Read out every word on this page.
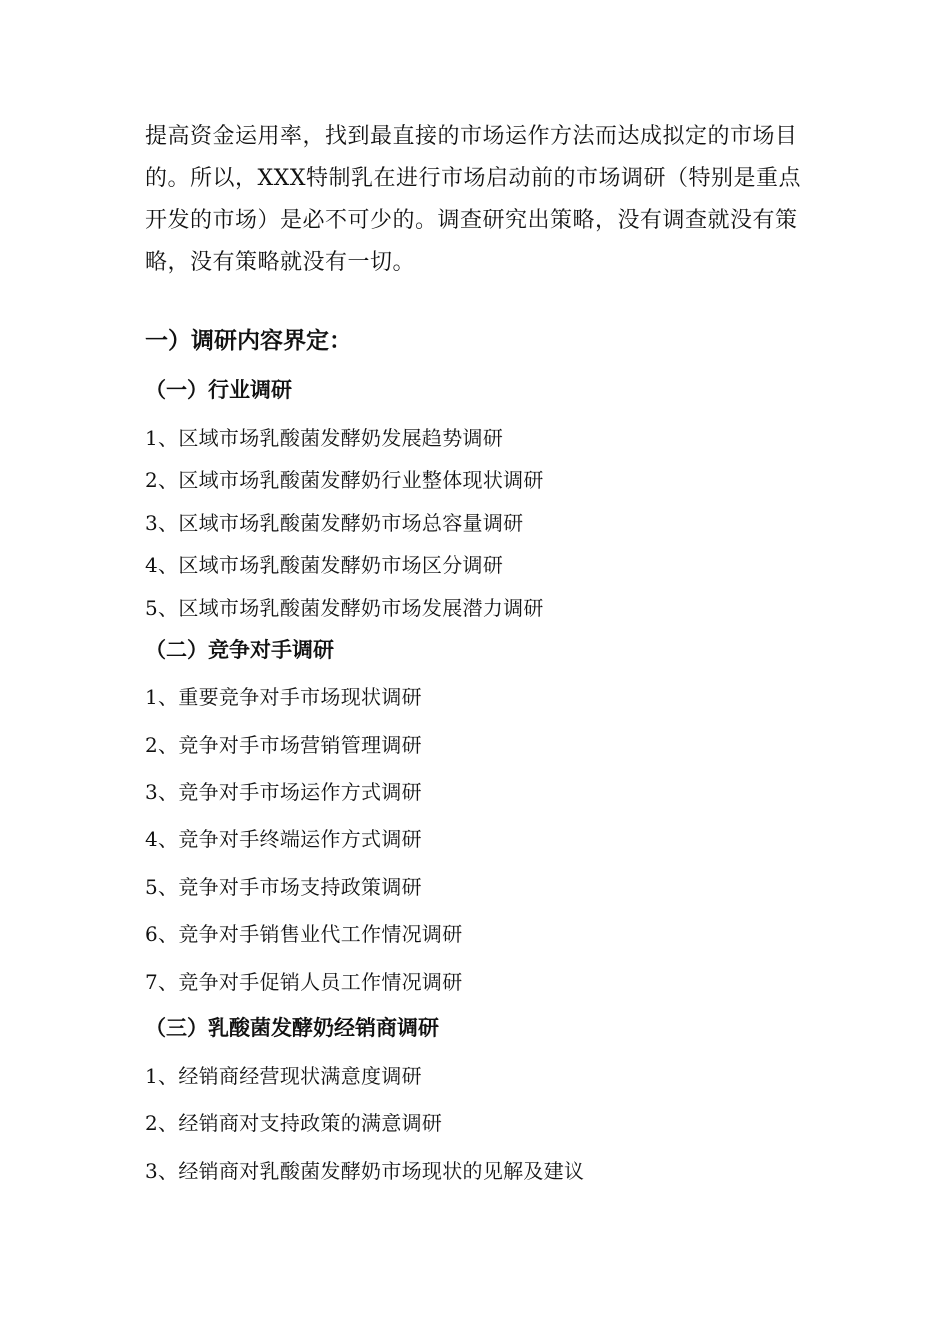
提高资金运用率，找到最直接的市场运作方法而达成拟定的市场目
的。所以，XXX特制乳在进行市场启动前的市场调研（特别是重点
开发的市场）是必不可少的。调查研究出策略，没有调查就没有策
略，没有策略就没有一切。

一）调研内容界定：
（一）行业调研

1、区域市场乳酸菌发酵奶发展趋势调研

2、区域市场乳酸菌发酵奶行业整体现状调研

3、区域市场乳酸菌发酵奶市场总容量调研

4、区域市场乳酸菌发酵奶市场区分调研

5、区域市场乳酸菌发酵奶市场发展潜力调研

（二）竞争对手调研

1、重要竞争对手市场现状调研

2、竞争对手市场营销管理调研

3、竞争对手市场运作方式调研

4、竞争对手终端运作方式调研

5、竞争对手市场支持政策调研

6、竞争对手销售业代工作情况调研

7、竞争对手促销人员工作情况调研

（三）乳酸菌发酵奶经销商调研

1、经销商经营现状满意度调研

2、经销商对支持政策的满意调研

3、经销商对乳酸菌发酵奶市场现状的见解及建议
